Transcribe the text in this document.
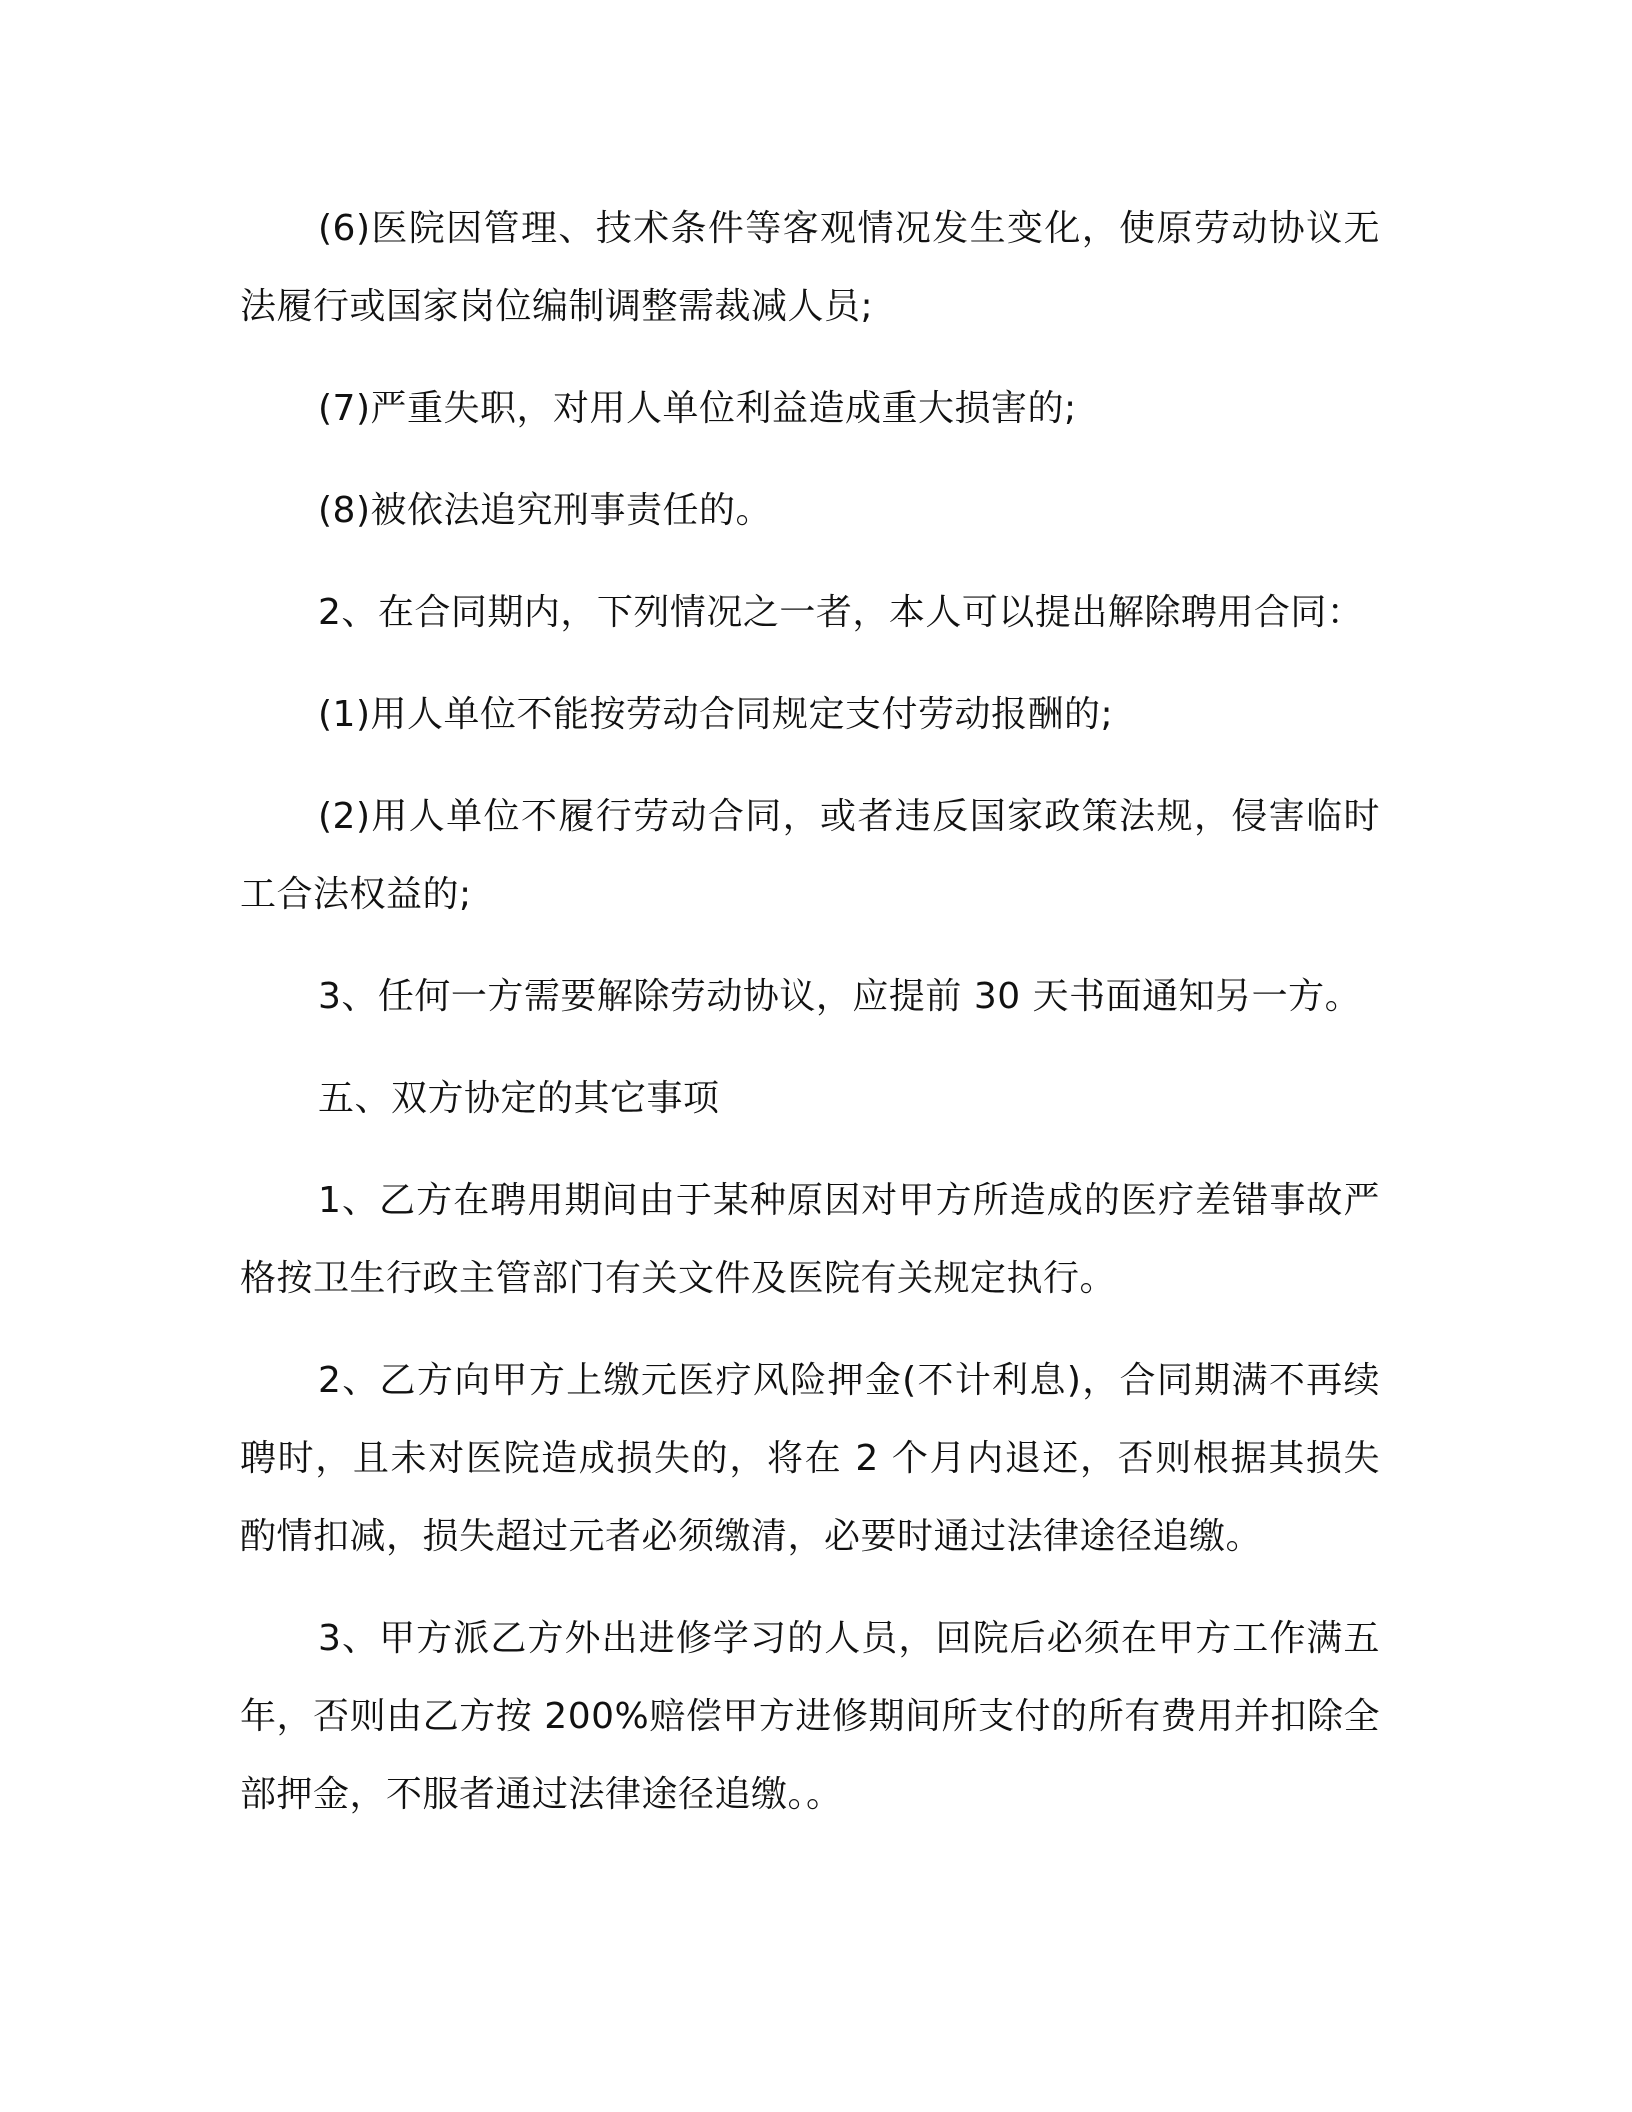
(6)医院因管理、技术条件等客观情况发生变化，使原劳动协议无法履行或国家岗位编制调整需裁减人员;

(7)严重失职，对用人单位利益造成重大损害的;

(8)被依法追究刑事责任的。

2、在合同期内，下列情况之一者，本人可以提出解除聘用合同：

(1)用人单位不能按劳动合同规定支付劳动报酬的;

(2)用人单位不履行劳动合同，或者违反国家政策法规，侵害临时工合法权益的;

3、任何一方需要解除劳动协议，应提前 30 天书面通知另一方。

五、双方协定的其它事项

1、乙方在聘用期间由于某种原因对甲方所造成的医疗差错事故严格按卫生行政主管部门有关文件及医院有关规定执行。

2、乙方向甲方上缴元医疗风险押金(不计利息)，合同期满不再续聘时，且未对医院造成损失的，将在 2 个月内退还，否则根据其损失酌情扣减，损失超过元者必须缴清，必要时通过法律途径追缴。

3、甲方派乙方外出进修学习的人员，回院后必须在甲方工作满五年，否则由乙方按 200%赔偿甲方进修期间所支付的所有费用并扣除全部押金，不服者通过法律途径追缴。。
